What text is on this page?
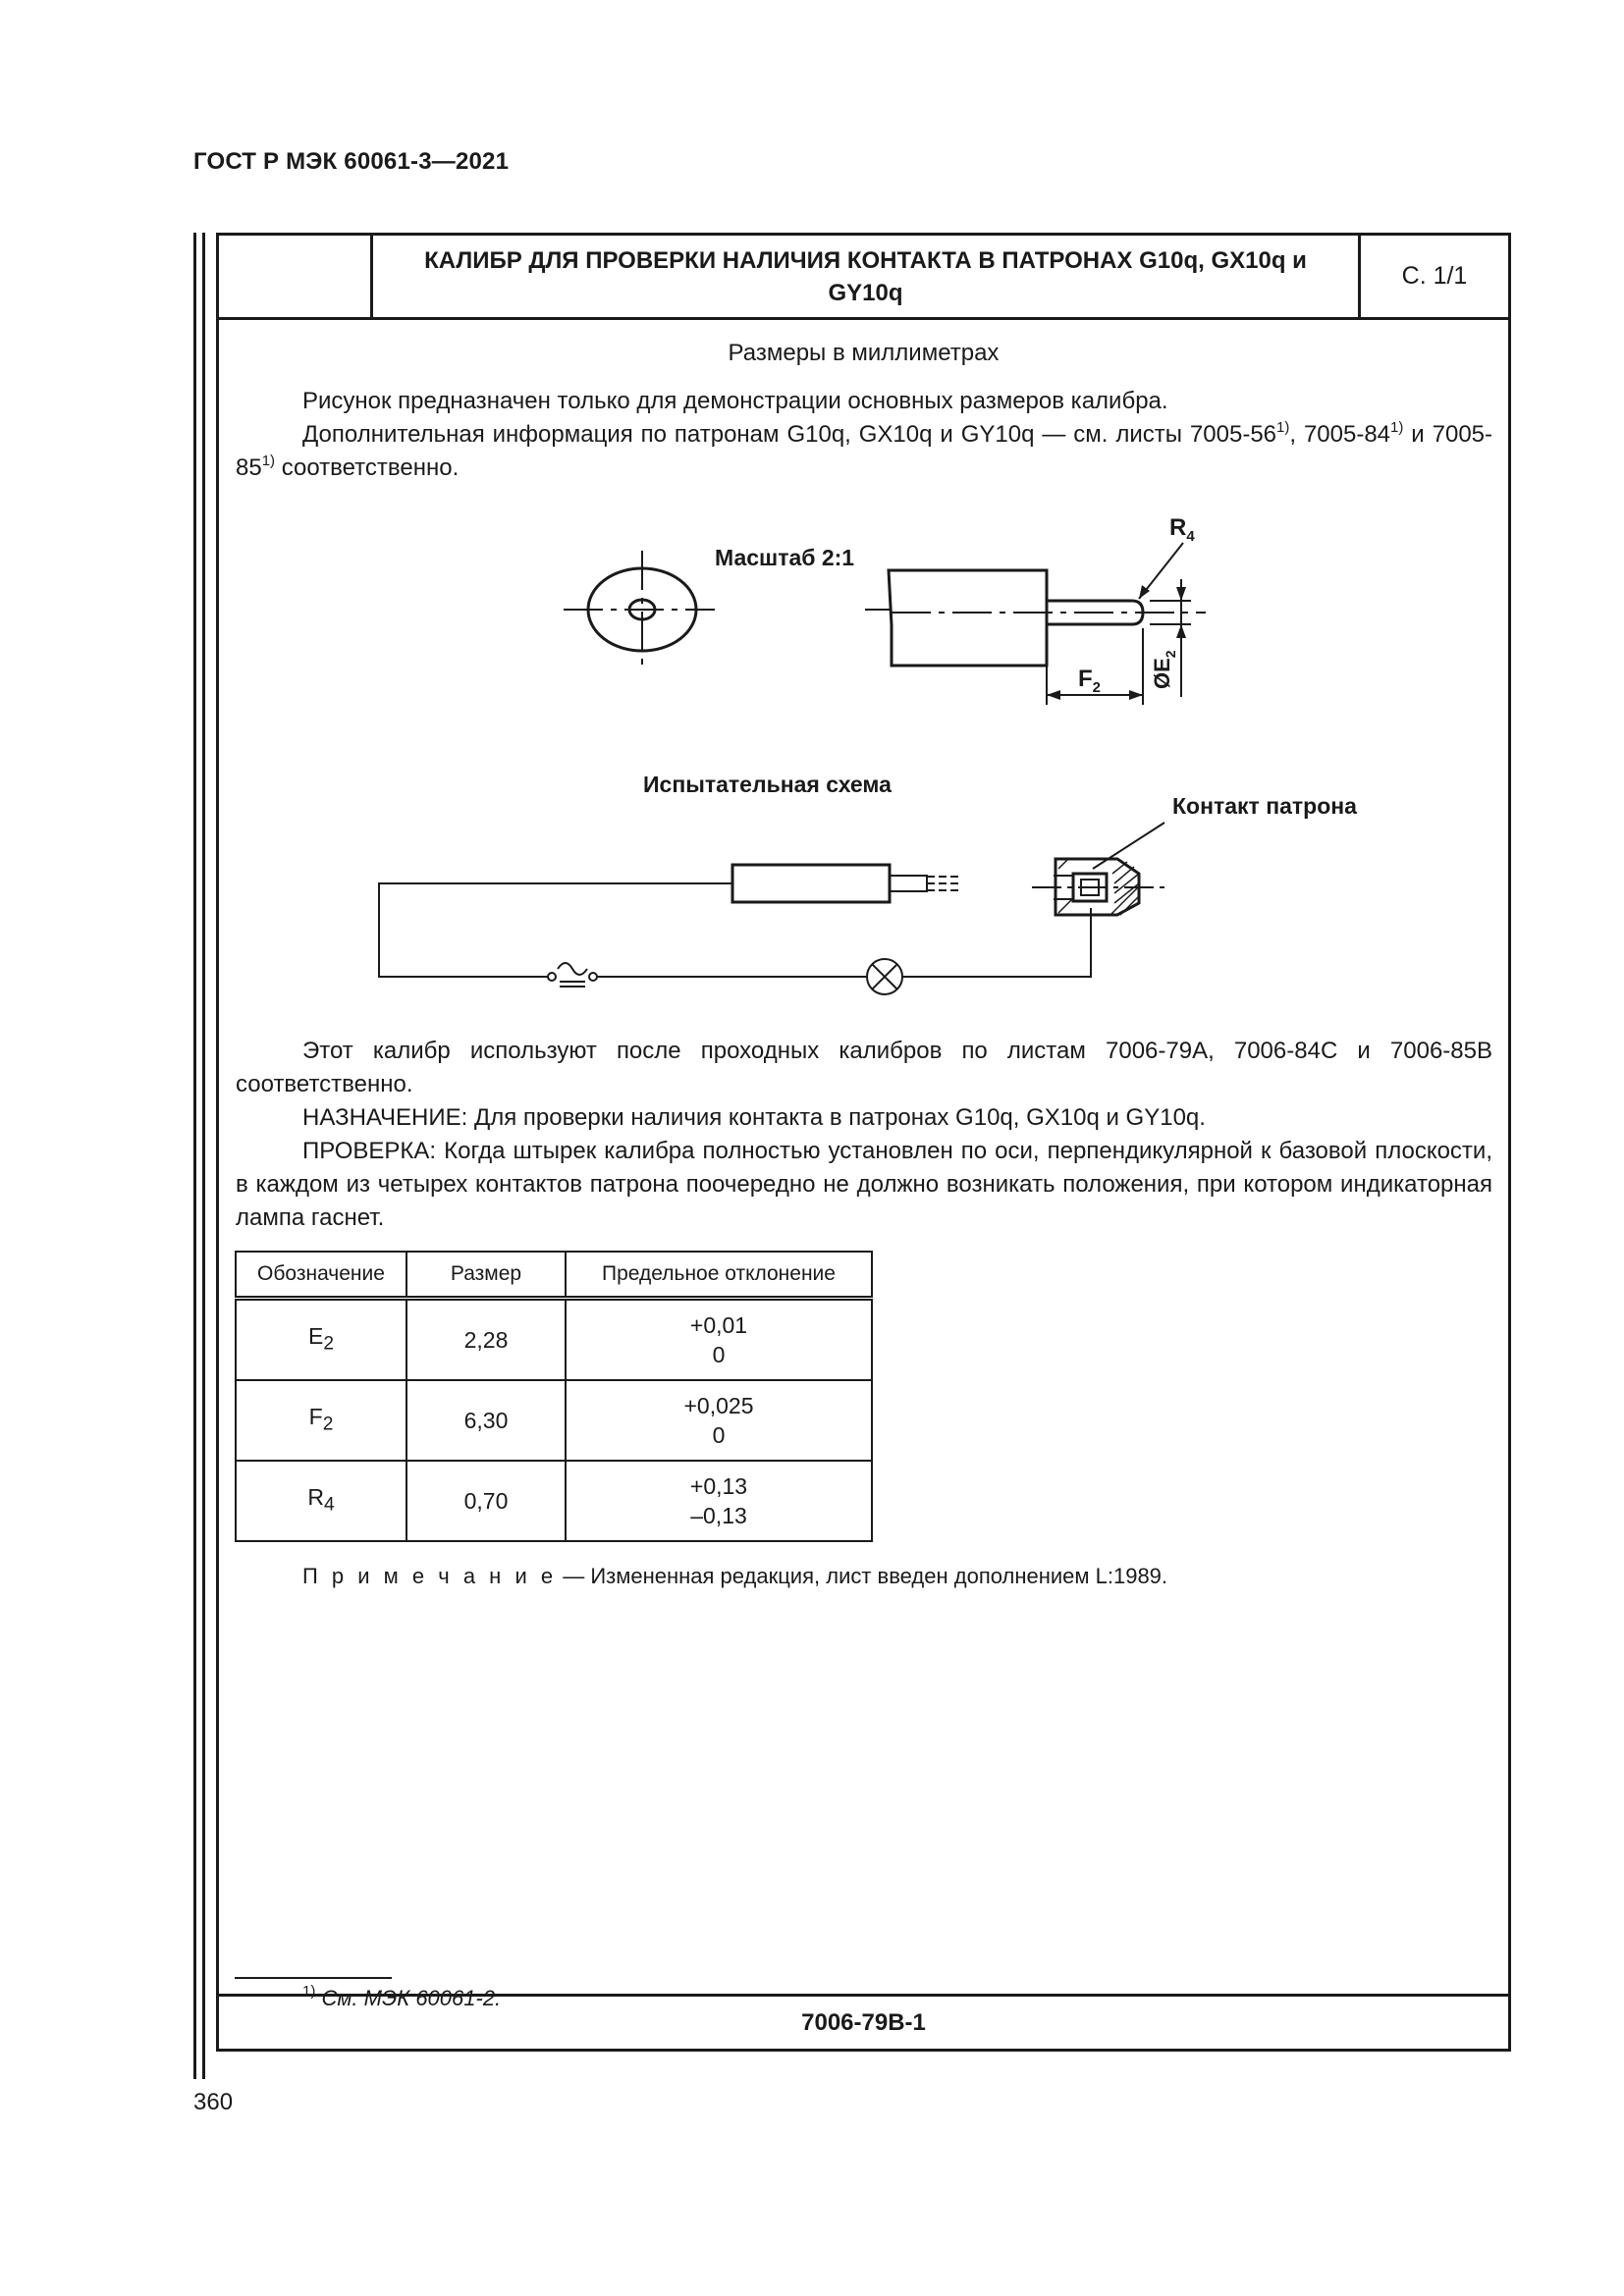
ГОСТ Р МЭК 60061-3—2021
КАЛИБР ДЛЯ ПРОВЕРКИ НАЛИЧИЯ КОНТАКТА В ПАТРОНАХ G10q, GX10q и GY10q
С. 1/1
Размеры в миллиметрах
Рисунок предназначен только для демонстрации основных размеров калибра.
Дополнительная информация по патронам G10q, GX10q и GY10q — см. листы 7005-56$^{1)}$, 7005-84$^{1)}$ и 7005-85$^{1)}$ соответственно.
Масштаб 2:1
$R_4$
$F_2$ $ØE_2$
Испытательная схема
Контакт патрона
Этот калибр используют после проходных калибров по листам 7006-79A, 7006-84C и 7006-85B соответственно.
НАЗНАЧЕНИЕ: Для проверки наличия контакта в патронах G10q, GX10q и GY10q.
ПРОВЕРКА: Когда штырек калибра полностью установлен по оси, перпендикулярной к базовой плоскости, в каждом из четырех контактов патрона поочередно не должно возникать положения, при котором индикаторная лампа гаснет.
Обозначение	Размер	Предельное отклонение
$E_2$	2,28	+0,01
0
$F_2$	6,30	+0,025
0
$R_4$	0,70	+0,13
–0,13
П р и м е ч а н и е — Измененная редакция, лист введен дополнением L:1989.
$^{1)}$ См. МЭК 60061-2.
7006-79B-1
360
